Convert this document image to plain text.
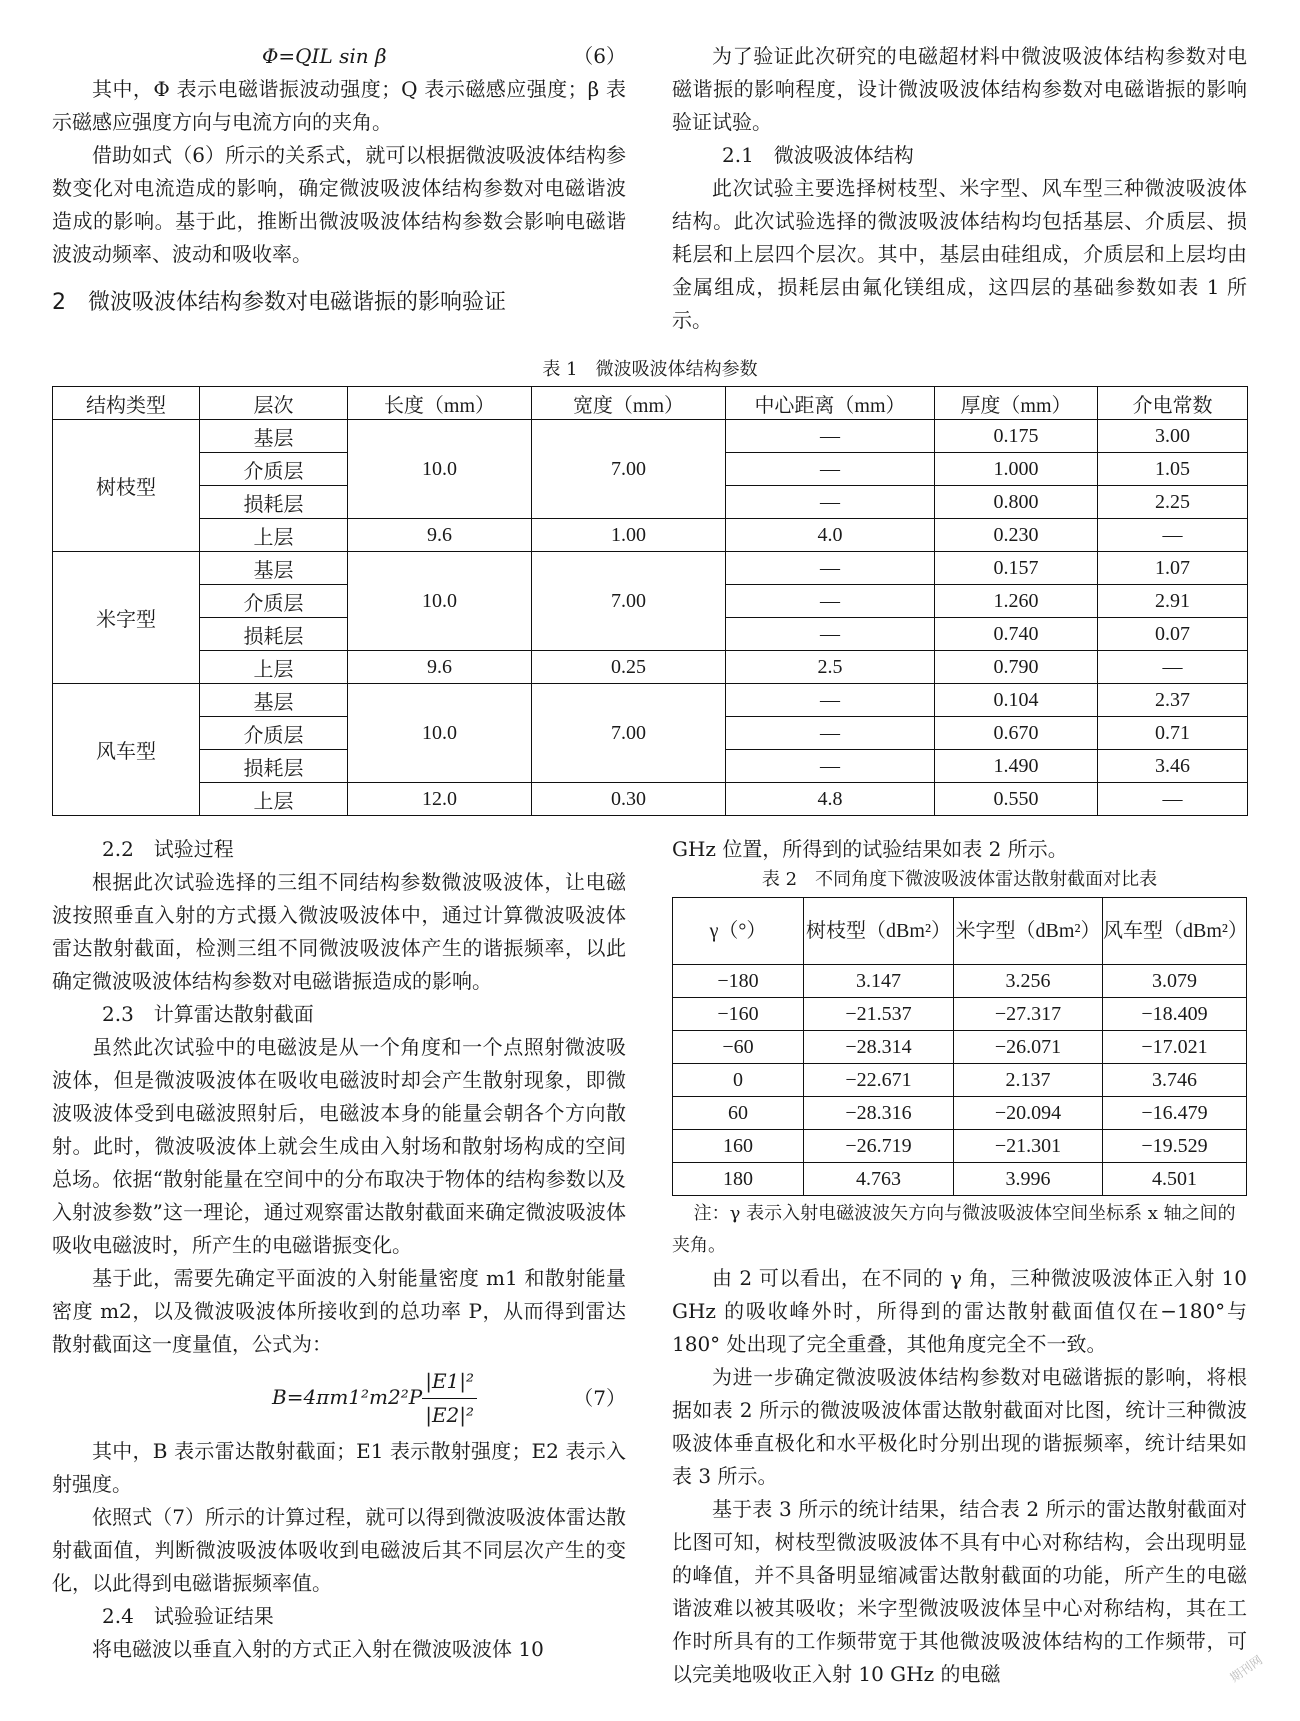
Φ=QIL sin β	（6）

其中，Φ 表示电磁谐振波动强度；Q 表示磁感应强度；β 表示磁感应强度方向与电流方向的夹角。

借助如式（6）所示的关系式，就可以根据微波吸波体结构参数变化对电流造成的影响，确定微波吸波体结构参数对电磁谐波造成的影响。基于此，推断出微波吸波体结构参数会影响电磁谐波波动频率、波动和吸收率。

2　微波吸波体结构参数对电磁谐振的影响验证

为了验证此次研究的电磁超材料中微波吸波体结构参数对电磁谐振的影响程度，设计微波吸波体结构参数对电磁谐振的影响验证试验。

2.1　微波吸波体结构

此次试验主要选择树枝型、米字型、风车型三种微波吸波体结构。此次试验选择的微波吸波体结构均包括基层、介质层、损耗层和上层四个层次。其中，基层由硅组成，介质层和上层均由金属组成，损耗层由氟化镁组成，这四层的基础参数如表 1 所示。

表 1　微波吸波体结构参数
结构类型	层次	长度（mm）	宽度（mm）	中心距离（mm）	厚度（mm）	介电常数
树枝型	基层	10.0	7.00	—	0.175	3.00
	介质层			—	1.000	1.05
	损耗层			—	0.800	2.25
	上层	9.6	1.00	4.0	0.230	—
米字型	基层	10.0	7.00	—	0.157	1.07
	介质层			—	1.260	2.91
	损耗层			—	0.740	0.07
	上层	9.6	0.25	2.5	0.790	—
风车型	基层	10.0	7.00	—	0.104	2.37
	介质层			—	0.670	0.71
	损耗层			—	1.490	3.46
	上层	12.0	0.30	4.8	0.550	—

2.2　试验过程

根据此次试验选择的三组不同结构参数微波吸波体，让电磁波按照垂直入射的方式摄入微波吸波体中，通过计算微波吸波体雷达散射截面，检测三组不同微波吸波体产生的谐振频率，以此确定微波吸波体结构参数对电磁谐振造成的影响。

2.3　计算雷达散射截面

虽然此次试验中的电磁波是从一个角度和一个点照射微波吸波体，但是微波吸波体在吸收电磁波时却会产生散射现象，即微波吸波体受到电磁波照射后，电磁波本身的能量会朝各个方向散射。此时，微波吸波体上就会生成由入射场和散射场构成的空间总场。依据“散射能量在空间中的分布取决于物体的结构参数以及入射波参数”这一理论，通过观察雷达散射截面来确定微波吸波体吸收电磁波时，所产生的电磁谐振变化。

基于此，需要先确定平面波的入射能量密度 m1 和散射能量密度 m2，以及微波吸波体所接收到的总功率 P，从而得到雷达散射截面这一度量值，公式为：

$B=4\pi m1^2m2^2P \frac{\text{|E1|²}}{\text{|E2|²}}$	（7）

其中，B 表示雷达散射截面；E1 表示散射强度；E2 表示入射强度。

依照式（7）所示的计算过程，就可以得到微波吸波体雷达散射截面值，判断微波吸波体吸收到电磁波后其不同层次产生的变化，以此得到电磁谐振频率值。

2.4　试验验证结果

将电磁波以垂直入射的方式正入射在微波吸波体 10

GHz 位置，所得到的试验结果如表 2 所示。

表 2　不同角度下微波吸波体雷达散射截面对比表
γ（°）	树枝型（dBm²）	米字型（dBm²）	风车型（dBm²）
−180	3.147	3.256	3.079
−160	−21.537	−27.317	−18.409
−60	−28.314	−26.071	−17.021
0	−22.671	2.137	3.746
60	−28.316	−20.094	−16.479
160	−26.719	−21.301	−19.529
180	4.763	3.996	4.501
注：γ 表示入射电磁波波矢方向与微波吸波体空间坐标系 x 轴之间的夹角。

由 2 可以看出，在不同的 γ 角，三种微波吸波体正入射 10 GHz 的吸收峰外时，所得到的雷达散射截面值仅在−180°与 180° 处出现了完全重叠，其他角度完全不一致。

为进一步确定微波吸波体结构参数对电磁谐振的影响，将根据如表 2 所示的微波吸波体雷达散射截面对比图，统计三种微波吸波体垂直极化和水平极化时分别出现的谐振频率，统计结果如表 3 所示。

基于表 3 所示的统计结果，结合表 2 所示的雷达散射截面对比图可知，树枝型微波吸波体不具有中心对称结构，会出现明显的峰值，并不具备明显缩减雷达散射截面的功能，所产生的电磁谐波难以被其吸收；米字型微波吸波体呈中心对称结构，其在工作时所具有的工作频带宽于其他微波吸波体结构的工作频带，可以完美地吸收正入射 10 GHz 的电磁	期刊网
